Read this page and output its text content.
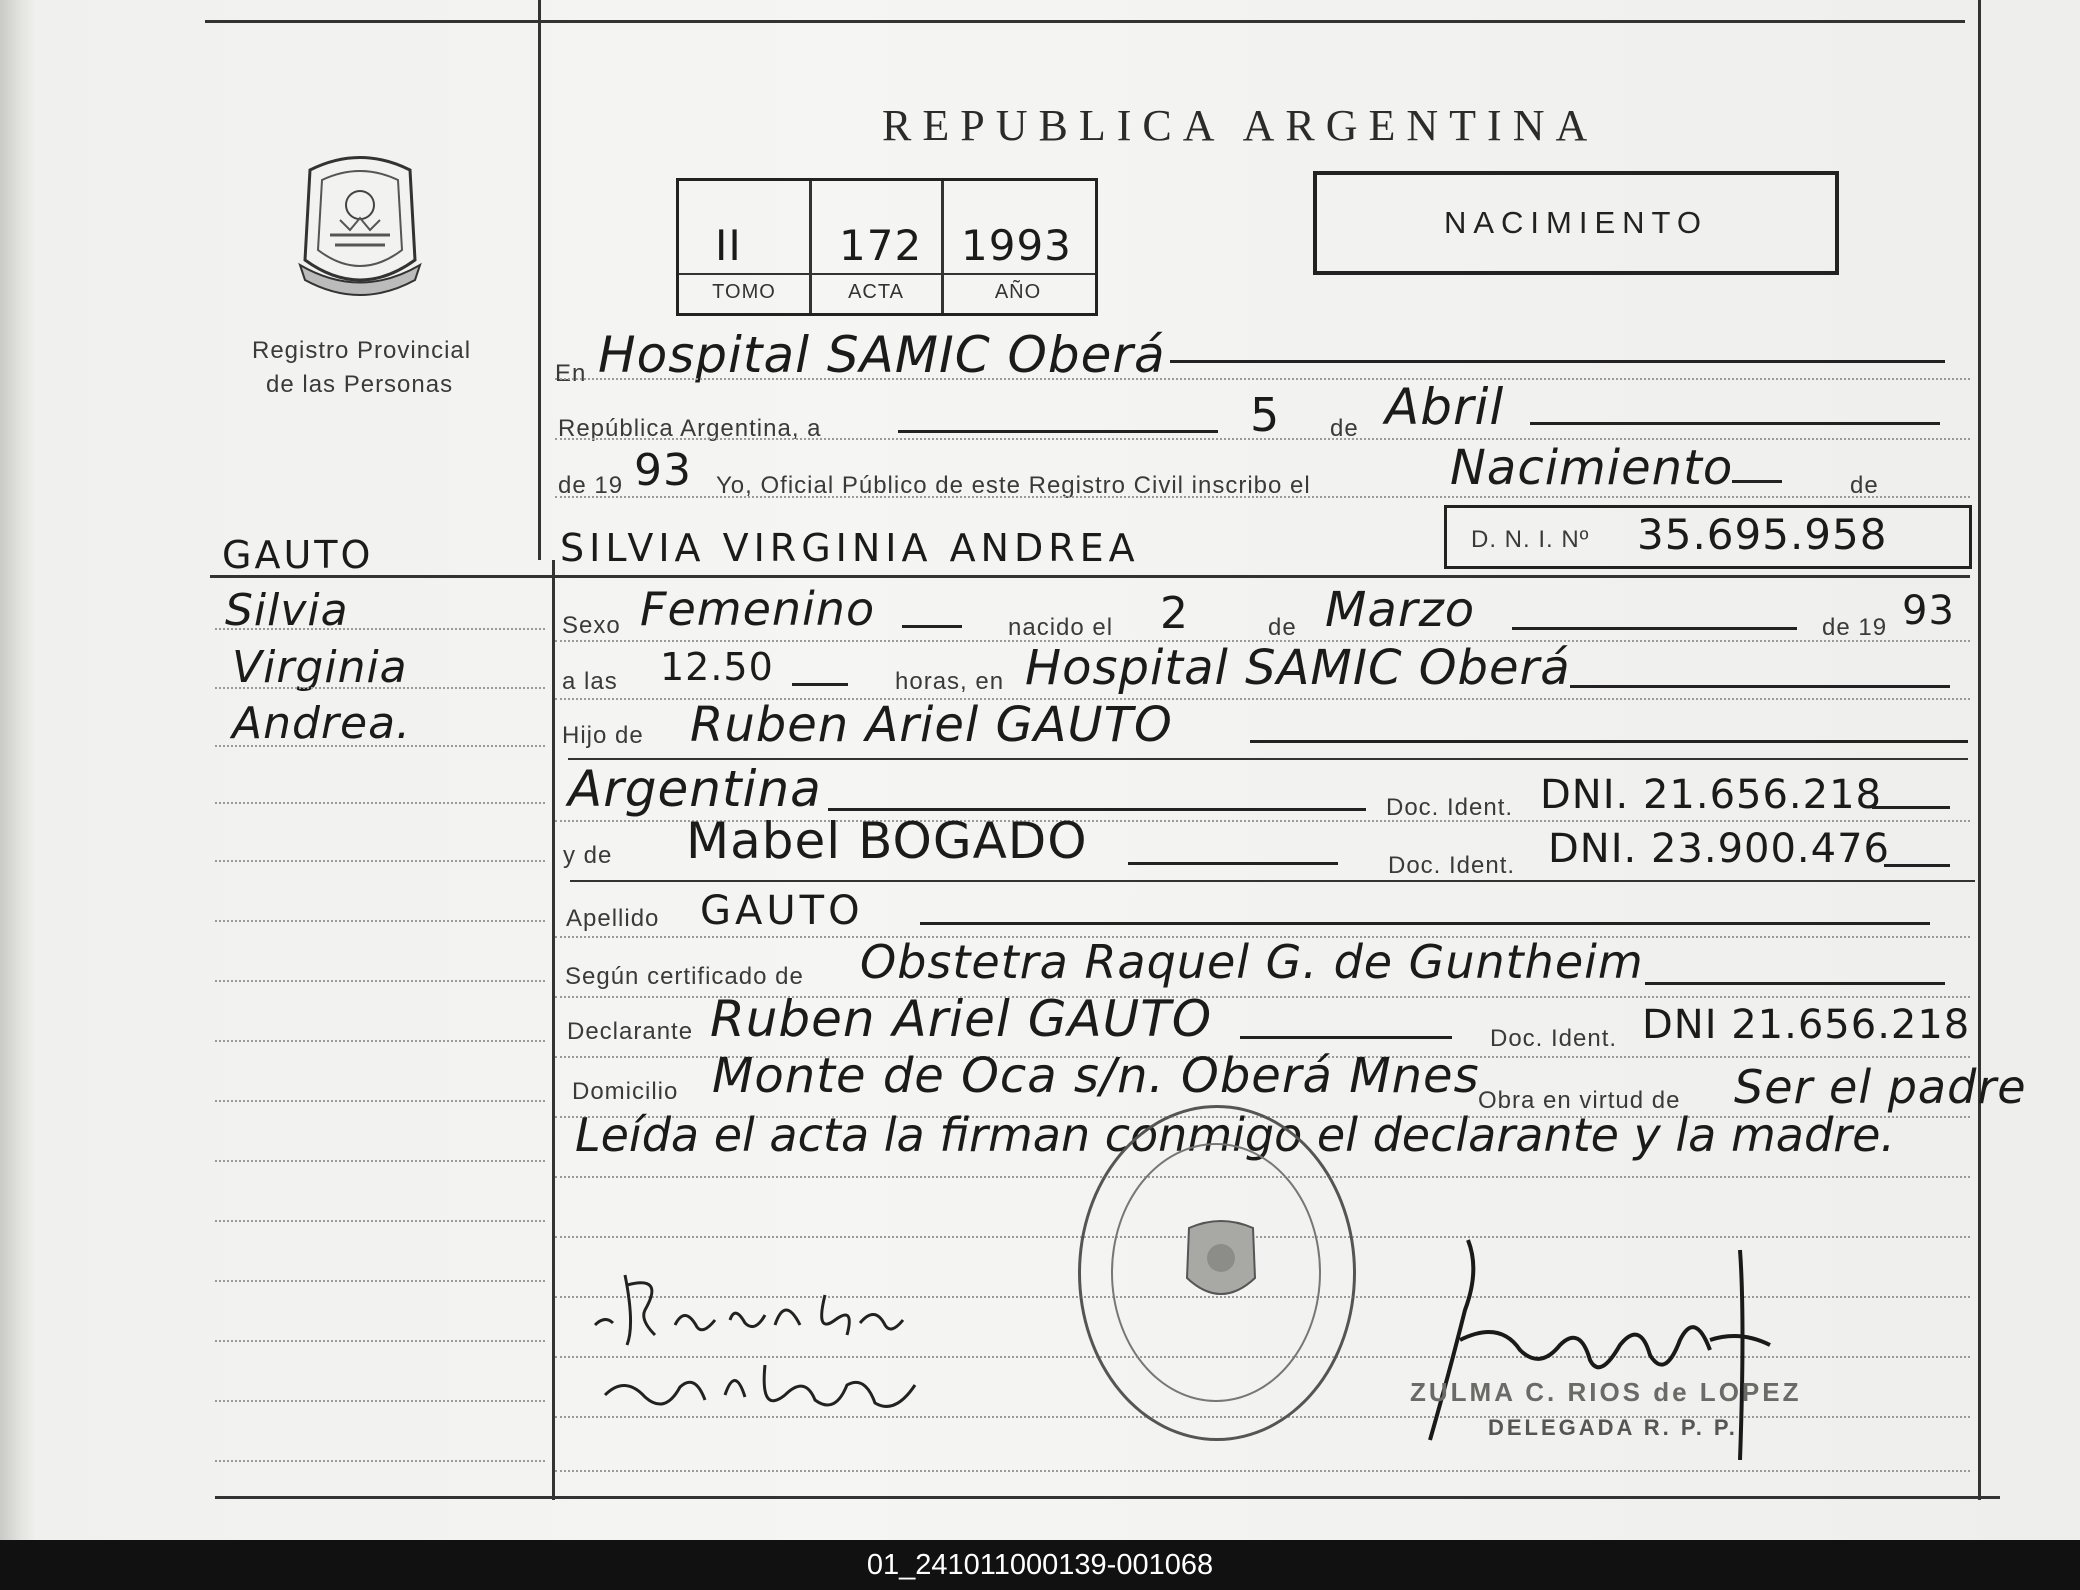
Registro Provincial
de las Personas
GAUTO
Silvia
Virginia
Andrea.
REPUBLICA ARGENTINA
II 172 1993
TOMO	ACTA	AÑO
NACIMIENTO
En Hospital SAMIC Oberá
República Argentina, a	5 de Abril
de 19 93 Yo, Oficial Público de este Registro Civil inscribo el	Nacimiento	de
SILVIA VIRGINIA ANDREA	D. N. I. Nº 35.695.958
Sexo Femenino	nacido el 2	de Marzo	de 19 93
a las 12.50	horas, en Hospital SAMIC Oberá
Hijo de Ruben Ariel GAUTO
Argentina	Doc. Ident. DNI. 21.656.218
y de Mabel BOGADO	Doc. Ident. DNI. 23.900.476
Apellido GAUTO
Según certificado de Obstetra Raquel G. de Guntheim
Declarante Ruben Ariel GAUTO	Doc. Ident. DNI 21.656.218
Domicilio Monte de Oca s/n. Oberá Mnes
Obra en virtud de Ser el padre
Leída el acta la firman conmigo el declarante y la madre.
ZULMA C. RIOS de LOPEZ
DELEGADA R. P. P.
01_241011000139-001068
